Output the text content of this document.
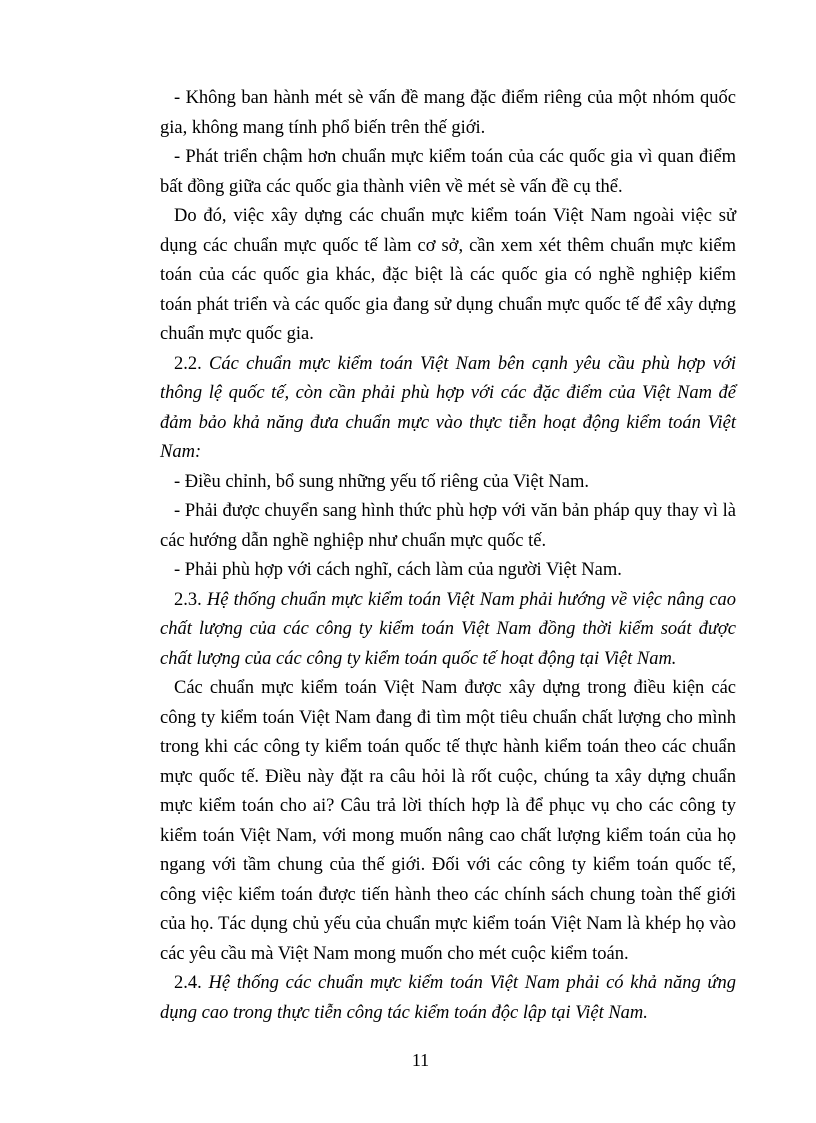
- Không ban hành mét sè vấn đề mang đặc điểm riêng của một nhóm quốc gia, không mang tính phổ biến trên thế giới.

- Phát triển chậm hơn chuẩn mực kiểm toán của các quốc gia vì quan điểm bất đồng giữa các quốc gia thành viên về mét sè vấn đề cụ thể.

Do đó, việc xây dựng các chuẩn mực kiểm toán Việt Nam ngoài việc sử dụng các chuẩn mực quốc tế làm cơ sở, cần xem xét thêm chuẩn mực kiểm toán của các quốc gia khác, đặc biệt là các quốc gia có nghề nghiệp kiểm toán phát triển và các quốc gia đang sử dụng chuẩn mực quốc tế để xây dựng chuẩn mực quốc gia.

2.2. Các chuẩn mực kiểm toán Việt Nam bên cạnh yêu cầu phù hợp với thông lệ quốc tế, còn cần phải phù hợp với các đặc điểm của Việt Nam để đảm bảo khả năng đưa chuẩn mực vào thực tiễn hoạt động kiểm toán Việt Nam:

- Điều chỉnh, bổ sung những yếu tố riêng của Việt Nam.

- Phải được chuyển sang hình thức phù hợp với văn bản pháp quy thay vì là các hướng dẫn nghề nghiệp như chuẩn mực quốc tế.

- Phải phù hợp với cách nghĩ, cách làm của người Việt Nam.

2.3. Hệ thống chuẩn mực kiểm toán Việt Nam phải hướng về việc nâng cao chất lượng của các công ty kiểm toán Việt Nam đồng thời kiểm soát được chất lượng của các công ty kiểm toán quốc tế hoạt động tại Việt Nam.

Các chuẩn mực kiểm toán Việt Nam được xây dựng trong điều kiện các công ty kiểm toán Việt Nam đang đi tìm một tiêu chuẩn chất lượng cho mình trong khi các công ty kiểm toán quốc tế thực hành kiểm toán theo các chuẩn mực quốc tế. Điều này đặt ra câu hỏi là rốt cuộc, chúng ta xây dựng chuẩn mực kiểm toán cho ai? Câu trả lời thích hợp là để phục vụ cho các công ty kiểm toán Việt Nam, với mong muốn nâng cao chất lượng kiểm toán của họ ngang với tầm chung của thế giới. Đối với các công ty kiểm toán quốc tế, công việc kiểm toán được tiến hành theo các chính sách chung toàn thế giới của họ. Tác dụng chủ yếu của chuẩn mực kiểm toán Việt Nam là khép họ vào các yêu cầu mà Việt Nam mong muốn cho mét cuộc kiểm toán.

2.4. Hệ thống các chuẩn mực kiểm toán Việt Nam phải có khả năng ứng dụng cao trong thực tiễn công tác kiểm toán độc lập tại Việt Nam.

11
